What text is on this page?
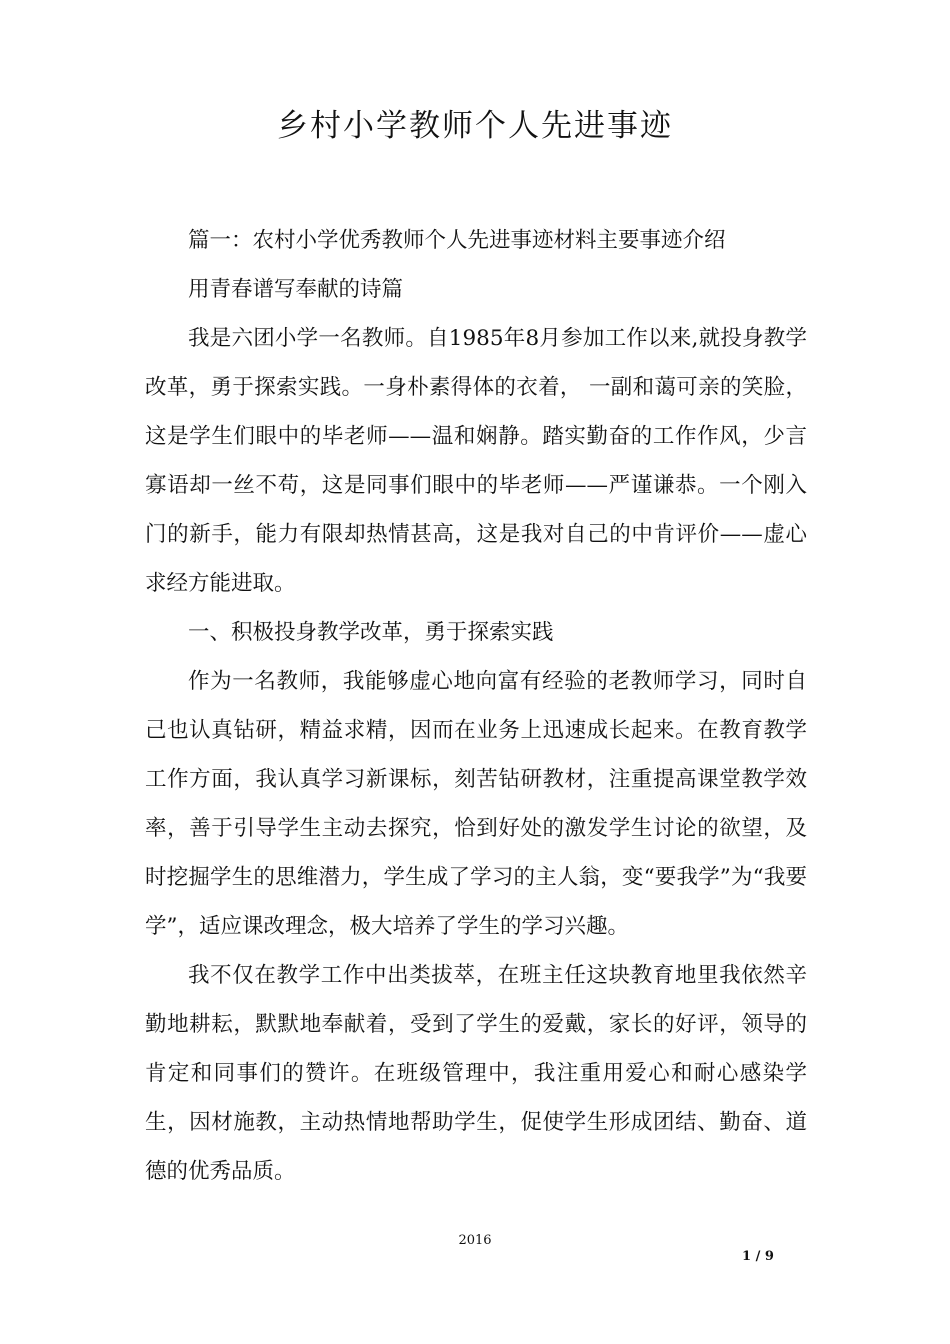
乡村小学教师个人先进事迹

篇一：农村小学优秀教师个人先进事迹材料主要事迹介绍

用青春谱写奉献的诗篇

我是六团小学一名教师。自1985年8月参加工作以来,就投身教学改革，勇于探索实践。一身朴素得体的衣着， 一副和蔼可亲的笑脸，这是学生们眼中的毕老师——温和娴静。踏实勤奋的工作作风，少言寡语却一丝不苟，这是同事们眼中的毕老师——严谨谦恭。一个刚入门的新手，能力有限却热情甚高，这是我对自己的中肯评价——虚心求经方能进取。

一、积极投身教学改革，勇于探索实践

作为一名教师，我能够虚心地向富有经验的老教师学习，同时自己也认真钻研，精益求精，因而在业务上迅速成长起来。在教育教学工作方面，我认真学习新课标，刻苦钻研教材，注重提高课堂教学效率，善于引导学生主动去探究，恰到好处的激发学生讨论的欲望，及时挖掘学生的思维潜力，学生成了学习的主人翁，变“要我学”为“我要学”，适应课改理念，极大培养了学生的学习兴趣。

我不仅在教学工作中出类拔萃，在班主任这块教育地里我依然辛勤地耕耘，默默地奉献着，受到了学生的爱戴，家长的好评，领导的肯定和同事们的赞许。在班级管理中，我注重用爱心和耐心感染学生，因材施教，主动热情地帮助学生，促使学生形成团结、勤奋、道德的优秀品质。

2016
1 / 9
